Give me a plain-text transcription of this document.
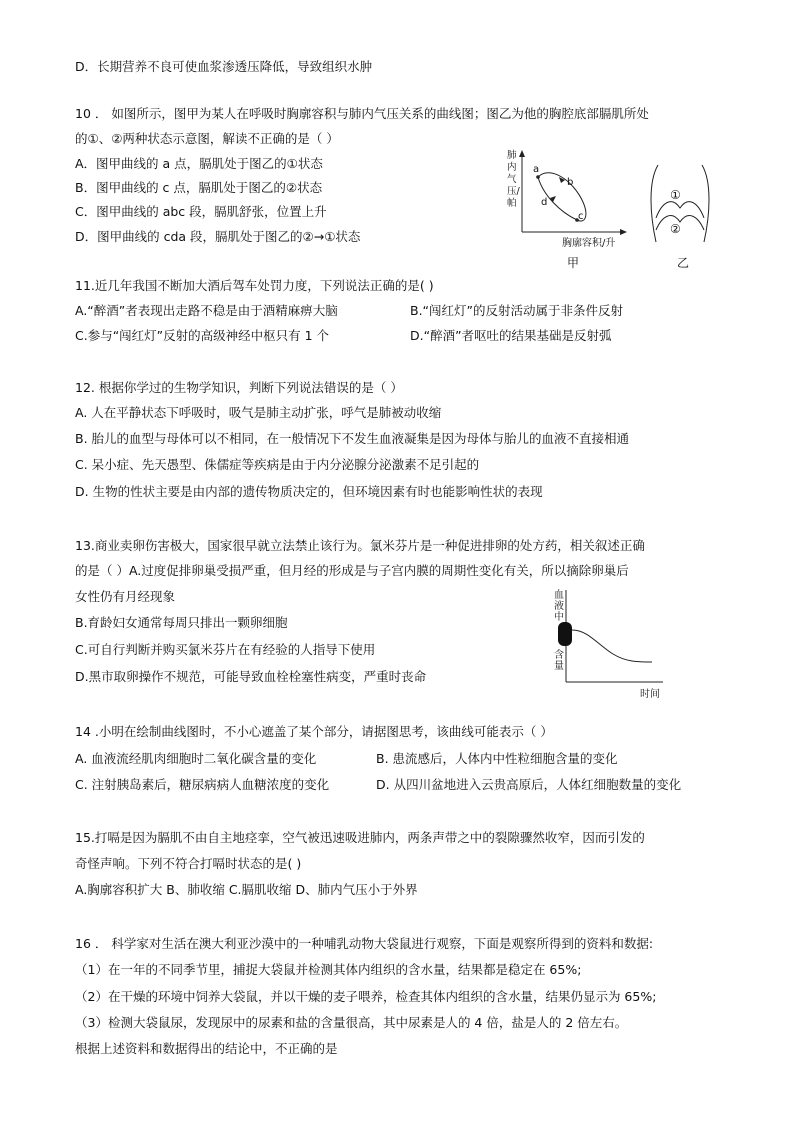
D．长期营养不良可使血浆渗透压降低，导致组织水肿
10 ． 如图所示，图甲为某人在呼吸时胸廓容积与肺内气压关系的曲线图；图乙为他的胸腔底部膈肌所处
的①、②两种状态示意图，解读不正确的是（ ）
A．图甲曲线的 a 点，膈肌处于图乙的①状态
B．图甲曲线的 c 点，膈肌处于图乙的②状态
C．图甲曲线的 abc 段，膈肌舒张，位置上升
D．图甲曲线的 cda 段，膈肌处于图乙的②→①状态
肺内气压/帕
a
b
c
d
胸廓容积/升
甲
①
②
乙
11.近几年我国不断加大酒后驾车处罚力度，下列说法正确的是( )
A.“醉酒”者表现出走路不稳是由于酒精麻痹大脑	B.“闯红灯”的反射活动属于非条件反射
C.参与“闯红灯”反射的高级神经中枢只有 1 个	D.“醉酒”者呕吐的结果基础是反射弧
12. 根据你学过的生物学知识，判断下列说法错误的是（ ）
A. 人在平静状态下呼吸时，吸气是肺主动扩张，呼气是肺被动收缩
B. 胎儿的血型与母体可以不相同，在一般情况下不发生血液凝集是因为母体与胎儿的血液不直接相通
C. 呆小症、先天愚型、侏儒症等疾病是由于内分泌腺分泌激素不足引起的
D. 生物的性状主要是由内部的遗传物质决定的，但环境因素有时也能影响性状的表现
13.商业卖卵伤害极大，国家很早就立法禁止该行为。氯米芬片是一种促进排卵的处方药，相关叙述正确
的是（ ）A.过度促排卵巢受损严重，但月经的形成是与子宫内膜的周期性变化有关，所以摘除卵巢后
女性仍有月经现象
B.育龄妇女通常每周只排出一颗卵细胞
C.可自行判断并购买氯米芬片在有经验的人指导下使用
D.黑市取卵操作不规范，可能导致血栓栓塞性病变，严重时丧命
血液中
含量
时间
14 .小明在绘制曲线图时，不小心遮盖了某个部分，请据图思考，该曲线可能表示（ ）
A. 血液流经肌肉细胞时二氧化碳含量的变化	B. 患流感后，人体内中性粒细胞含量的变化
C. 注射胰岛素后，糖尿病病人血糖浓度的变化	D. 从四川盆地进入云贵高原后，人体红细胞数量的变化
15.打嗝是因为膈肌不由自主地痉挛，空气被迅速吸进肺内，两条声带之中的裂隙骤然收窄，因而引发的
奇怪声响。下列不符合打嗝时状态的是( )
A.胸廓容积扩大 B、肺收缩 C.膈肌收缩 D、肺内气压小于外界
16 ． 科学家对生活在澳大利亚沙漠中的一种哺乳动物大袋鼠进行观察，下面是观察所得到的资料和数据:
（1）在一年的不同季节里，捕捉大袋鼠并检测其体内组织的含水量，结果都是稳定在 65%;
（2）在干燥的环境中饲养大袋鼠，并以干燥的麦子喂养，检查其体内组织的含水量，结果仍显示为 65%;
（3）检测大袋鼠尿，发现尿中的尿素和盐的含量很高，其中尿素是人的 4 倍，盐是人的 2 倍左右。
根据上述资料和数据得出的结论中，不正确的是
